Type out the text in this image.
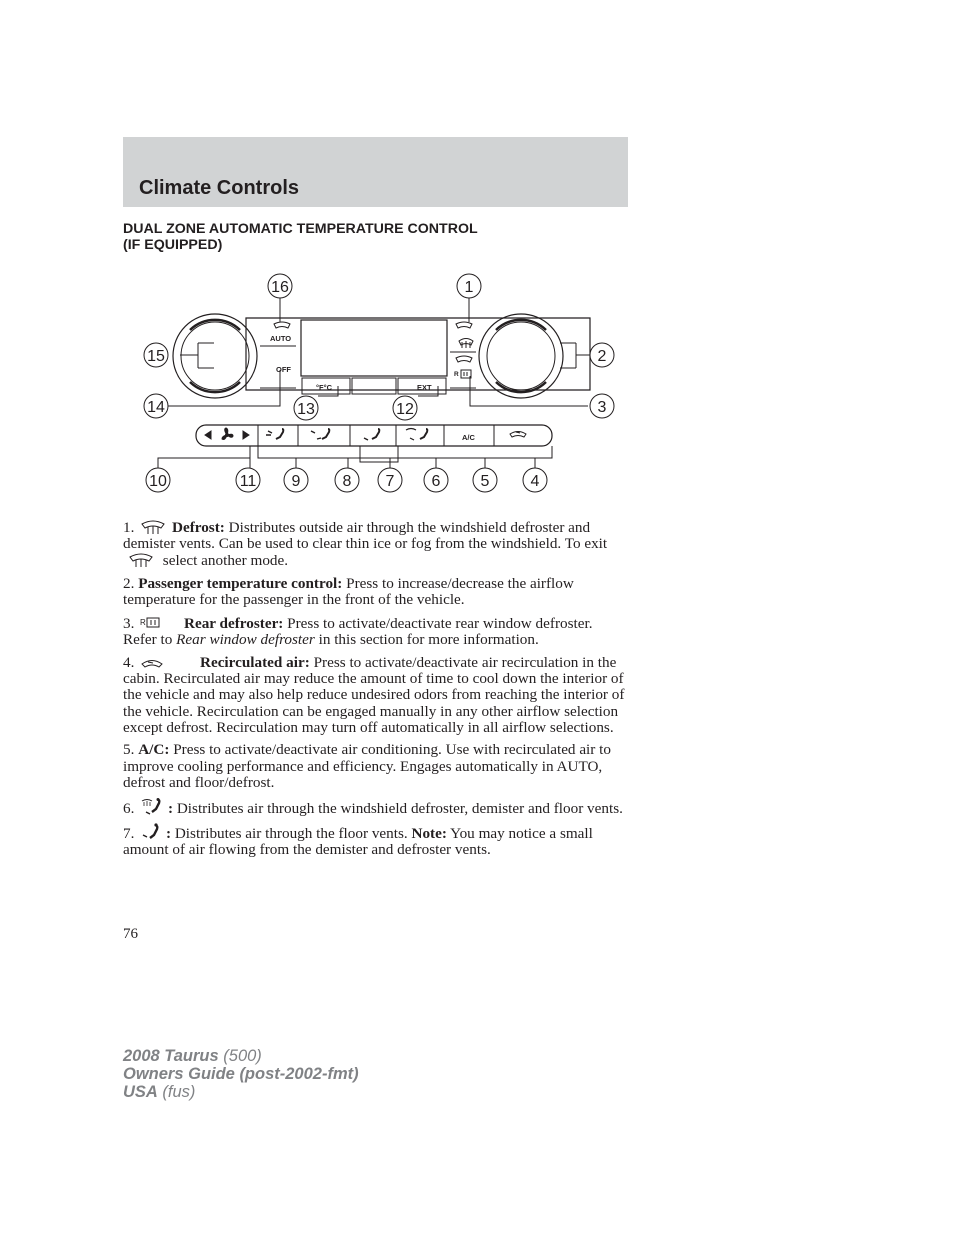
Climate Controls
DUAL ZONE AUTOMATIC TEMPERATURE CONTROL
(IF EQUIPPED)
AUTO
OFF
°F°C	EXT
A/C
R
16	1
15	2
14	13	12	3
10	11 9	8 7 6	5	4

1. Defrost: Distributes outside air through the windshield defroster and demister vents. Can be used to clear thin ice or fog from the windshield. To exit  select another mode.

2. Passenger temperature control: Press to increase/decrease the airflow temperature for the passenger in the front of the vehicle.

3. R	Rear defroster: Press to activate/deactivate rear window defroster. Refer to Rear window defroster in this section for more information.

4.	Recirculated air: Press to activate/deactivate air recirculation in the cabin. Recirculated air may reduce the amount of time to cool down the interior of the vehicle and may also help reduce undesired odors from reaching the interior of the vehicle. Recirculation can be engaged manually in any other airflow selection except defrost. Recirculation may turn off automatically in all airflow selections.

5. A/C: Press to activate/deactivate air conditioning. Use with recirculated air to improve cooling performance and efficiency. Engages automatically in AUTO, defrost and floor/defrost.

6. : Distributes air through the windshield defroster, demister and floor vents.

7. : Distributes air through the floor vents. Note: You may notice a small amount of air flowing from the demister and defroster vents.

76
2008 Taurus (500)
Owners Guide (post-2002-fmt)
USA (fus)
